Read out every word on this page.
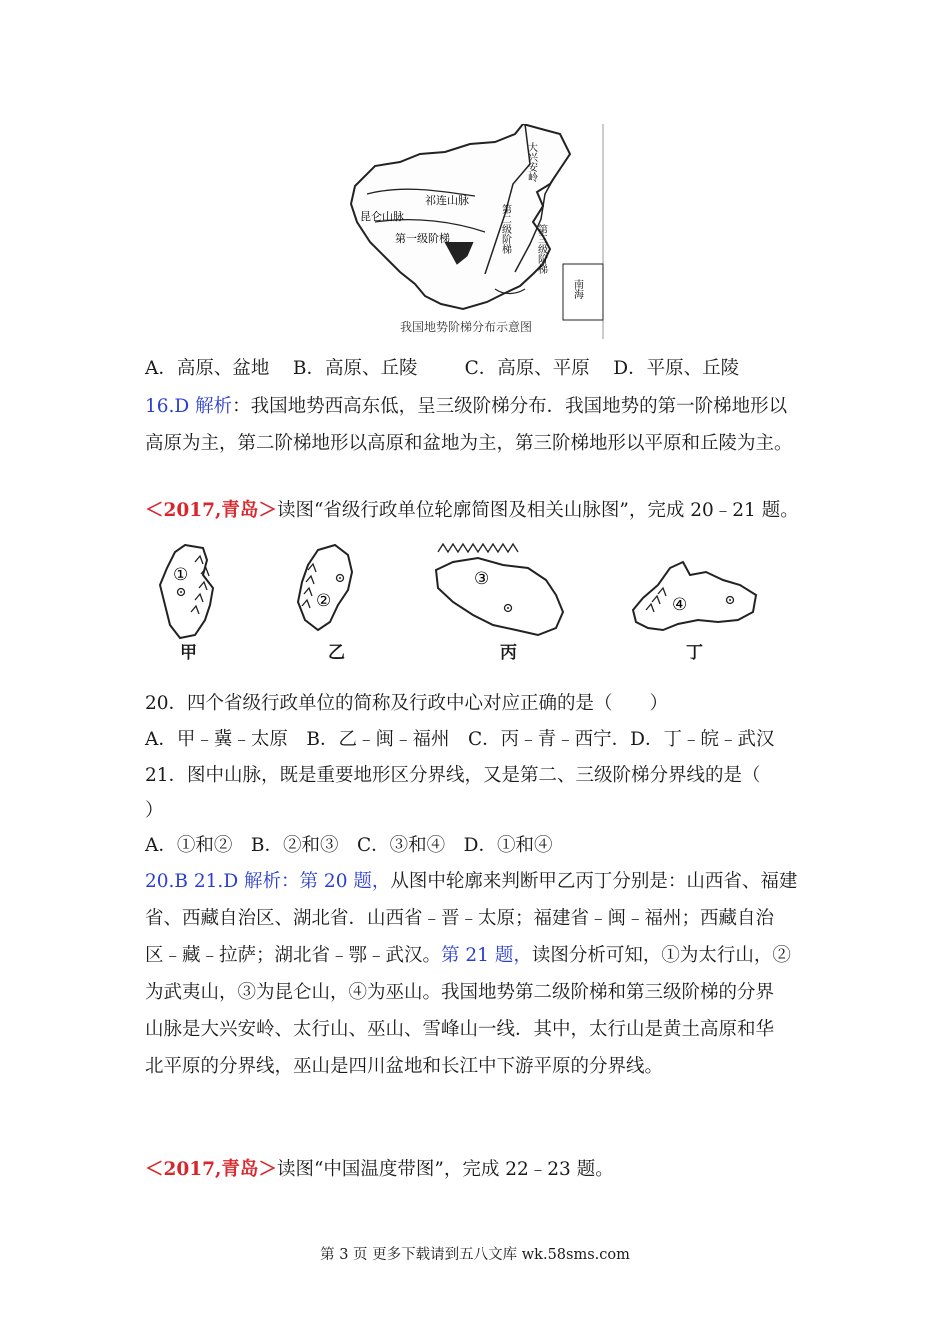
大兴安岭
祁连山脉
昆仑山脉
第一级阶梯	第二级阶梯	第三级阶梯
南海
我国地势阶梯分布示意图
A．高原、盆地 B．高原、丘陵	C．高原、平原 D．平原、丘陵
16.D 解析：我国地势西高东低，呈三级阶梯分布．我国地势的第一阶梯地形以
高原为主，第二阶梯地形以高原和盆地为主，第三阶梯地形以平原和丘陵为主。
＜2017,青岛＞读图“省级行政单位轮廓简图及相关山脉图”，完成 20﹣21 题。
①
甲
②
乙
③
丙
④
丁
20．四个省级行政单位的简称及行政中心对应正确的是（　　）
A．甲﹣冀﹣太原　B．乙﹣闽﹣福州　C．丙﹣青﹣西宁．D．丁﹣皖﹣武汉
21．图中山脉，既是重要地形区分界线，又是第二、三级阶梯分界线的是（
）
A．①和②　B．②和③　C．③和④　D．①和④
20.B 21.D 解析：第 20 题，从图中轮廓来判断甲乙丙丁分别是：山西省、福建
省、西藏自治区、湖北省．山西省﹣晋﹣太原；福建省﹣闽﹣福州；西藏自治
区﹣藏﹣拉萨；湖北省﹣鄂﹣武汉。第 21 题，读图分析可知，①为太行山，②
为武夷山，③为昆仑山，④为巫山。我国地势第二级阶梯和第三级阶梯的分界
山脉是大兴安岭、太行山、巫山、雪峰山一线．其中，太行山是黄土高原和华
北平原的分界线，巫山是四川盆地和长江中下游平原的分界线。
＜2017,青岛＞读图“中国温度带图”，完成 22﹣23 题。
第 3 页 更多下载请到五八文库 wk.58sms.com
